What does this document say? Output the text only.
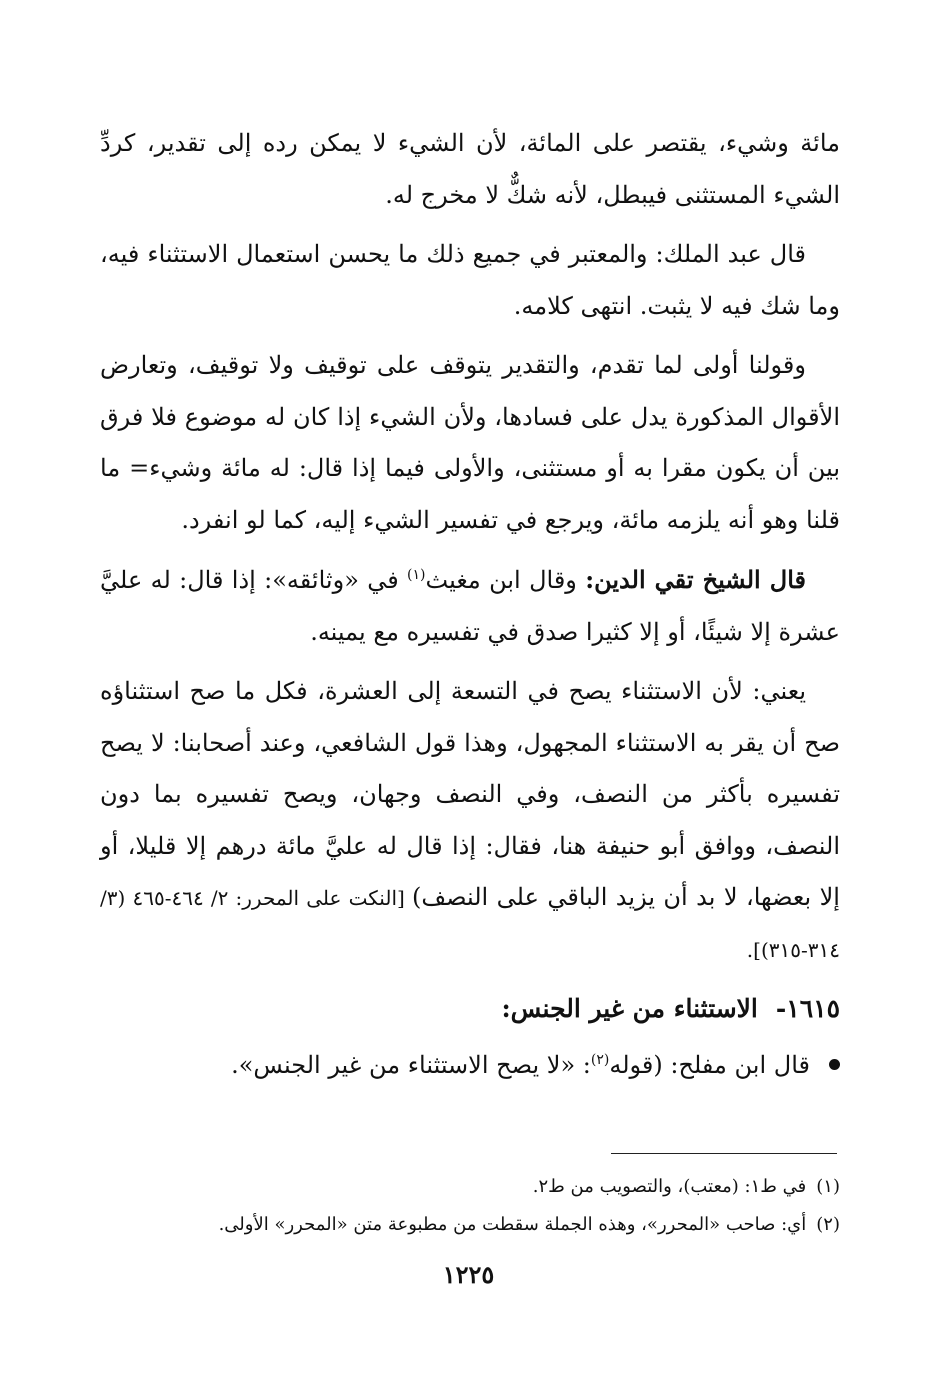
مائة وشيء، يقتصر على المائة، لأن الشيء لا يمكن رده إلى تقدير، كردِّ الشيء المستثنى فيبطل، لأنه شكٌّ لا مخرج له.

قال عبد الملك: والمعتبر في جميع ذلك ما يحسن استعمال الاستثناء فيه، وما شك فيه لا يثبت. انتهى كلامه.

وقولنا أولى لما تقدم، والتقدير يتوقف على توقيف ولا توقيف، وتعارض الأقوال المذكورة يدل على فسادها، ولأن الشيء إذا كان له موضوع فلا فرق بين أن يكون مقرا به أو مستثنى، والأولى فيما إذا قال: له مائة وشيء= ما قلنا وهو أنه يلزمه مائة، ويرجع في تفسير الشيء إليه، كما لو انفرد.

قال الشيخ تقي الدين: وقال ابن مغيث$^{(١)}$ في «وثائقه»: إذا قال: له عليَّ عشرة إلا شيئًا، أو إلا كثيرا صدق في تفسيره مع يمينه.

يعني: لأن الاستثناء يصح في التسعة إلى العشرة، فكل ما صح استثناؤه صح أن يقر به الاستثناء المجهول، وهذا قول الشافعي، وعند أصحابنا: لا يصح تفسيره بأكثر من النصف، وفي النصف وجهان، ويصح تفسيره بما دون النصف، ووافق أبو حنيفة هنا، فقال: إذا قال له عليَّ مائة درهم إلا قليلا، أو إلا بعضها، لا بد أن يزيد الباقي على النصف) [النكت على المحرر: ٢/ ٤٦٤-٤٦٥ (٣/ ٣١٤-٣١٥)].

١٦١٥-الاستثناء من غير الجنس:

قال ابن مفلح: (قوله$^{(٢)}$: «لا يصح الاستثناء من غير الجنس».

(١)في ط١: (معتب)، والتصويب من ط٢.

(٢)أي: صاحب «المحرر»، وهذه الجملة سقطت من مطبوعة متن «المحرر» الأولى.

١٢٢٥
